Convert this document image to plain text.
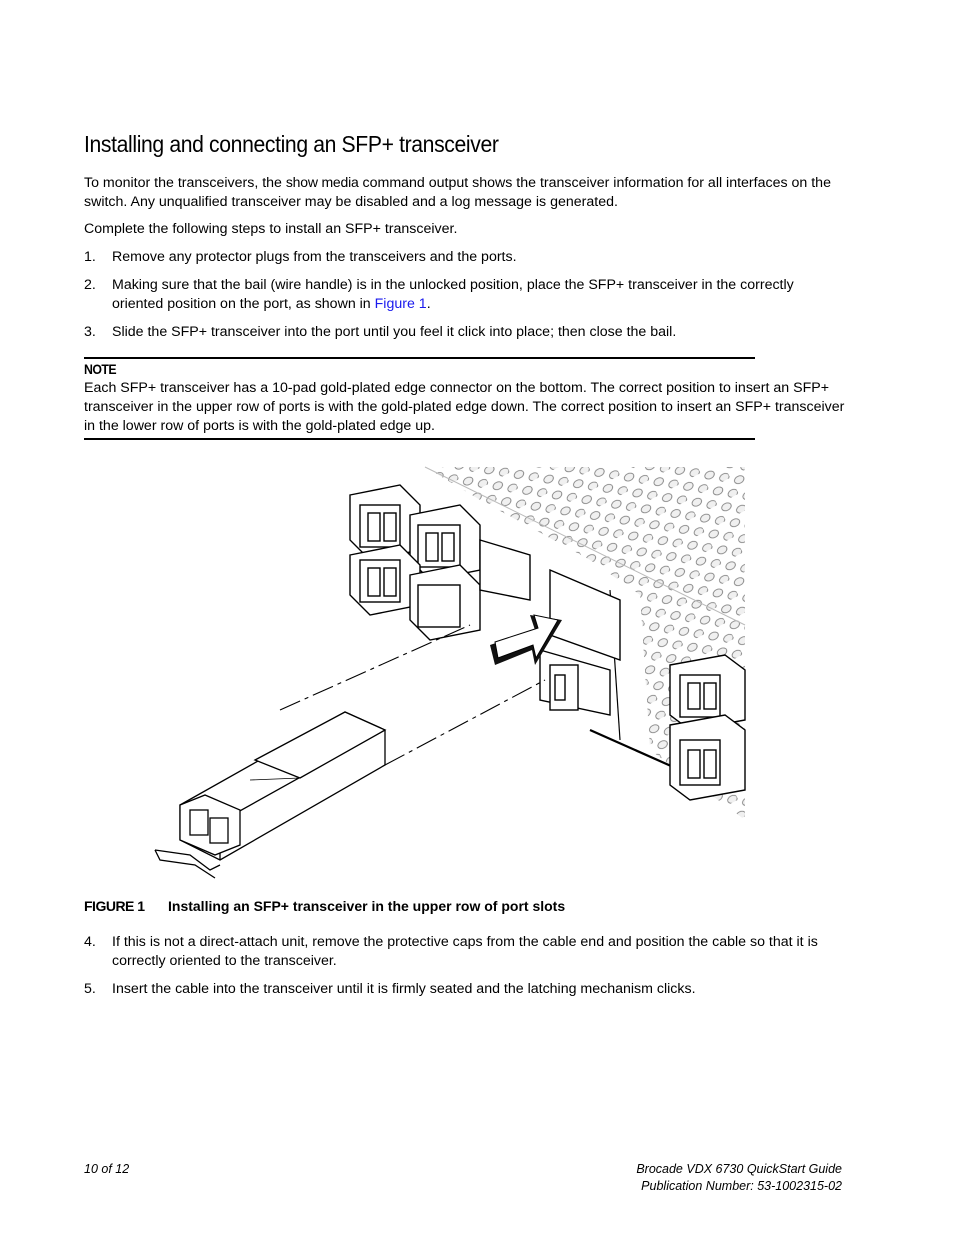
Installing and connecting an SFP+ transceiver

To monitor the transceivers, the show media command output shows the transceiver information for all interfaces on the switch. Any unqualified transceiver may be disabled and a log message is generated.

Complete the following steps to install an SFP+ transceiver.

1. Remove any protector plugs from the transceivers and the ports.
2. Making sure that the bail (wire handle) is in the unlocked position, place the SFP+ transceiver in the correctly oriented position on the port, as shown in Figure 1.
3. Slide the SFP+ transceiver into the port until you feel it click into place; then close the bail.
NOTE
Each SFP+ transceiver has a 10-pad gold-plated edge connector on the bottom. The correct position to insert an SFP+ transceiver in the upper row of ports is with the gold-plated edge down. The correct position to insert an SFP+ transceiver in the lower row of ports is with the gold-plated edge up.
FIGURE 1 Installing an SFP+ transceiver in the upper row of port slots
4. If this is not a direct-attach unit, remove the protective caps from the cable end and position the cable so that it is correctly oriented to the transceiver.
5. Insert the cable into the transceiver until it is firmly seated and the latching mechanism clicks.
10 of 12	Brocade VDX 6730 QuickStart Guide
Publication Number: 53-1002315-02
